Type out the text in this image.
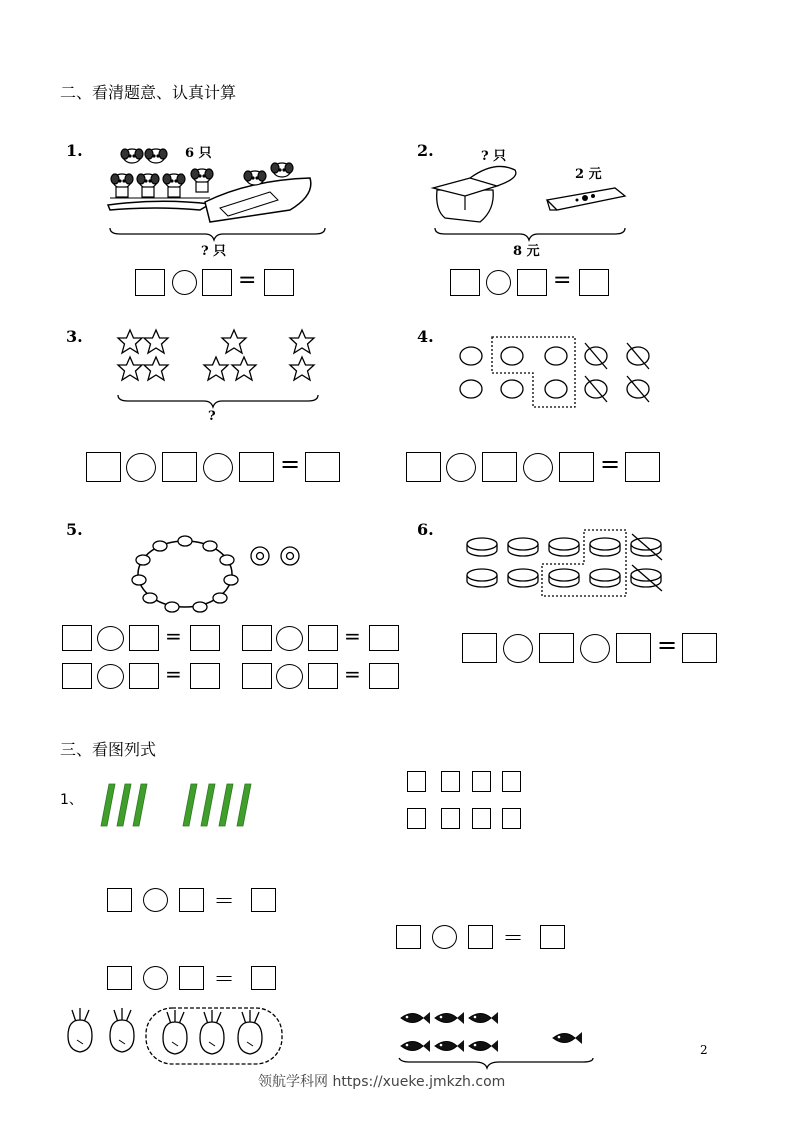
二、看清题意、认真计算
1.	6 只
? 只
=
2.	? 只
2 元
8 元
=
3.
?
=
4.
=
5.
=	=
=	=
6.
=
三、看图列式
1、
=
=
=
2
领航学科网 https://xueke.jmkzh.com
